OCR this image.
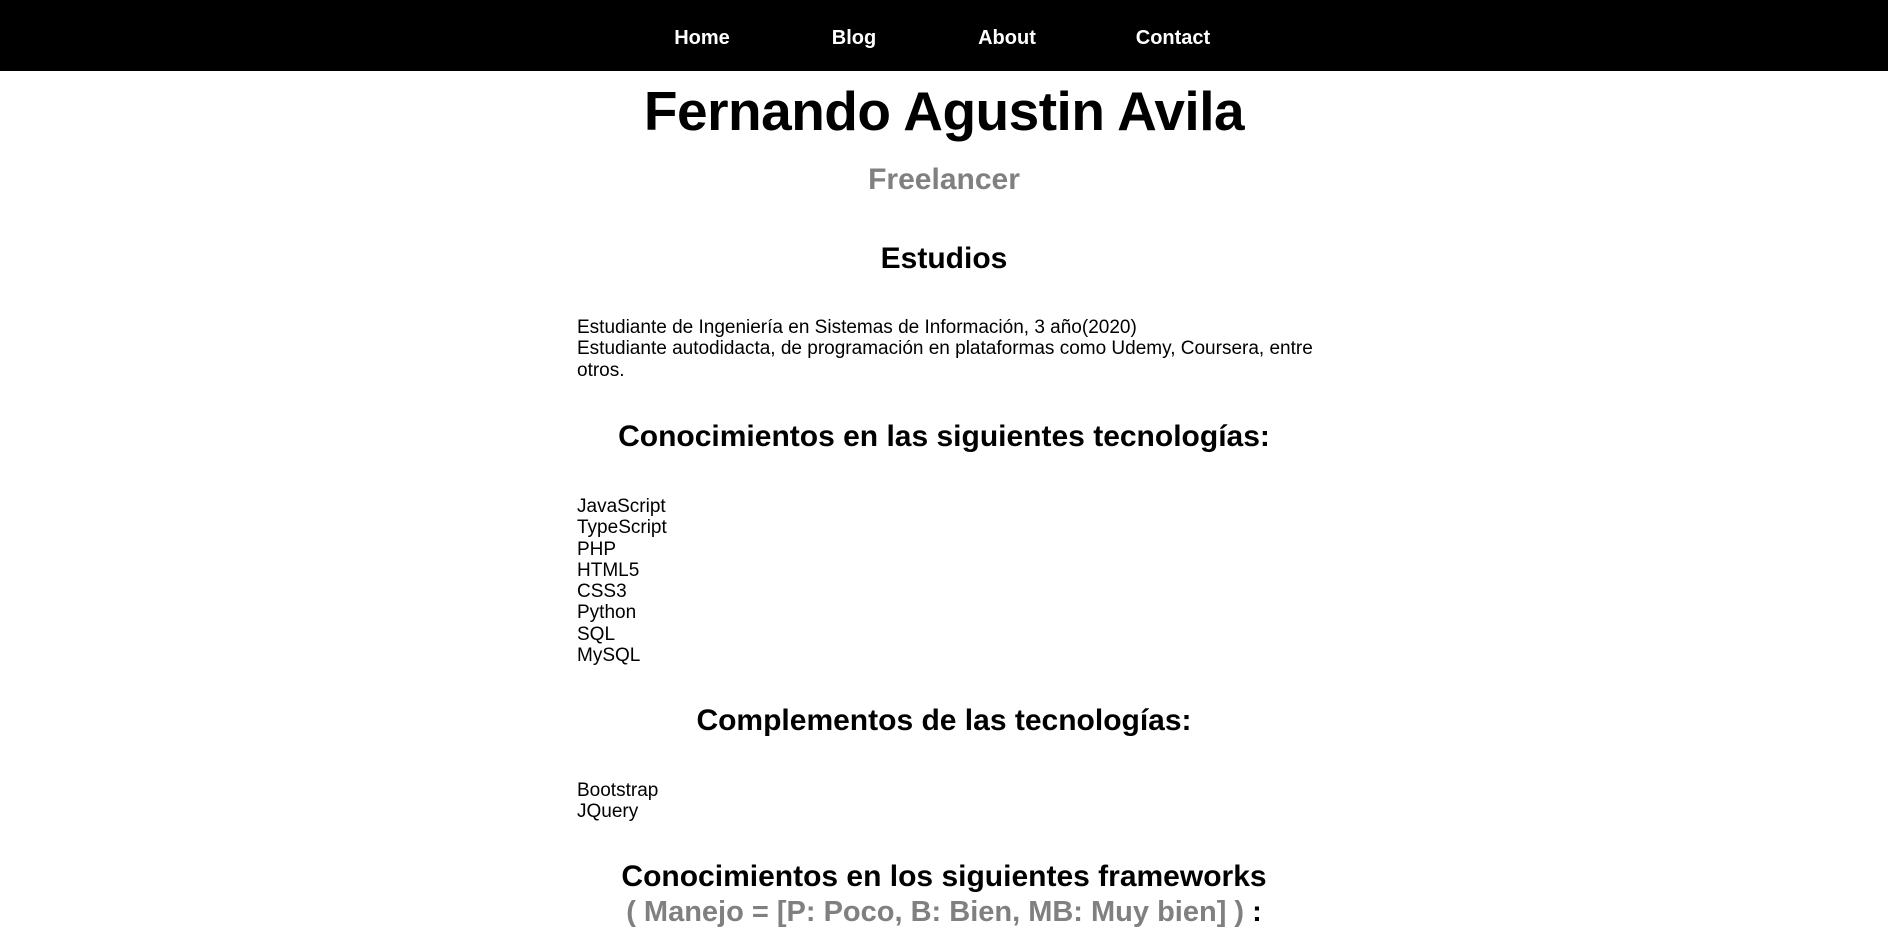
Home	Blog	About	Contact
Fernando Agustin Avila
Freelancer
Estudios
Estudiante de Ingeniería en Sistemas de Información, 3 año(2020)
Estudiante autodidacta, de programación en plataformas como Udemy, Coursera, entre otros.
Conocimientos en las siguientes tecnologías:
JavaScript
TypeScript
PHP
HTML5
CSS3
Python
SQL
MySQL
Complementos de las tecnologías:
Bootstrap
JQuery
Conocimientos en los siguientes frameworks
( Manejo = [P: Poco, B: Bien, MB: Muy bien] ) :
